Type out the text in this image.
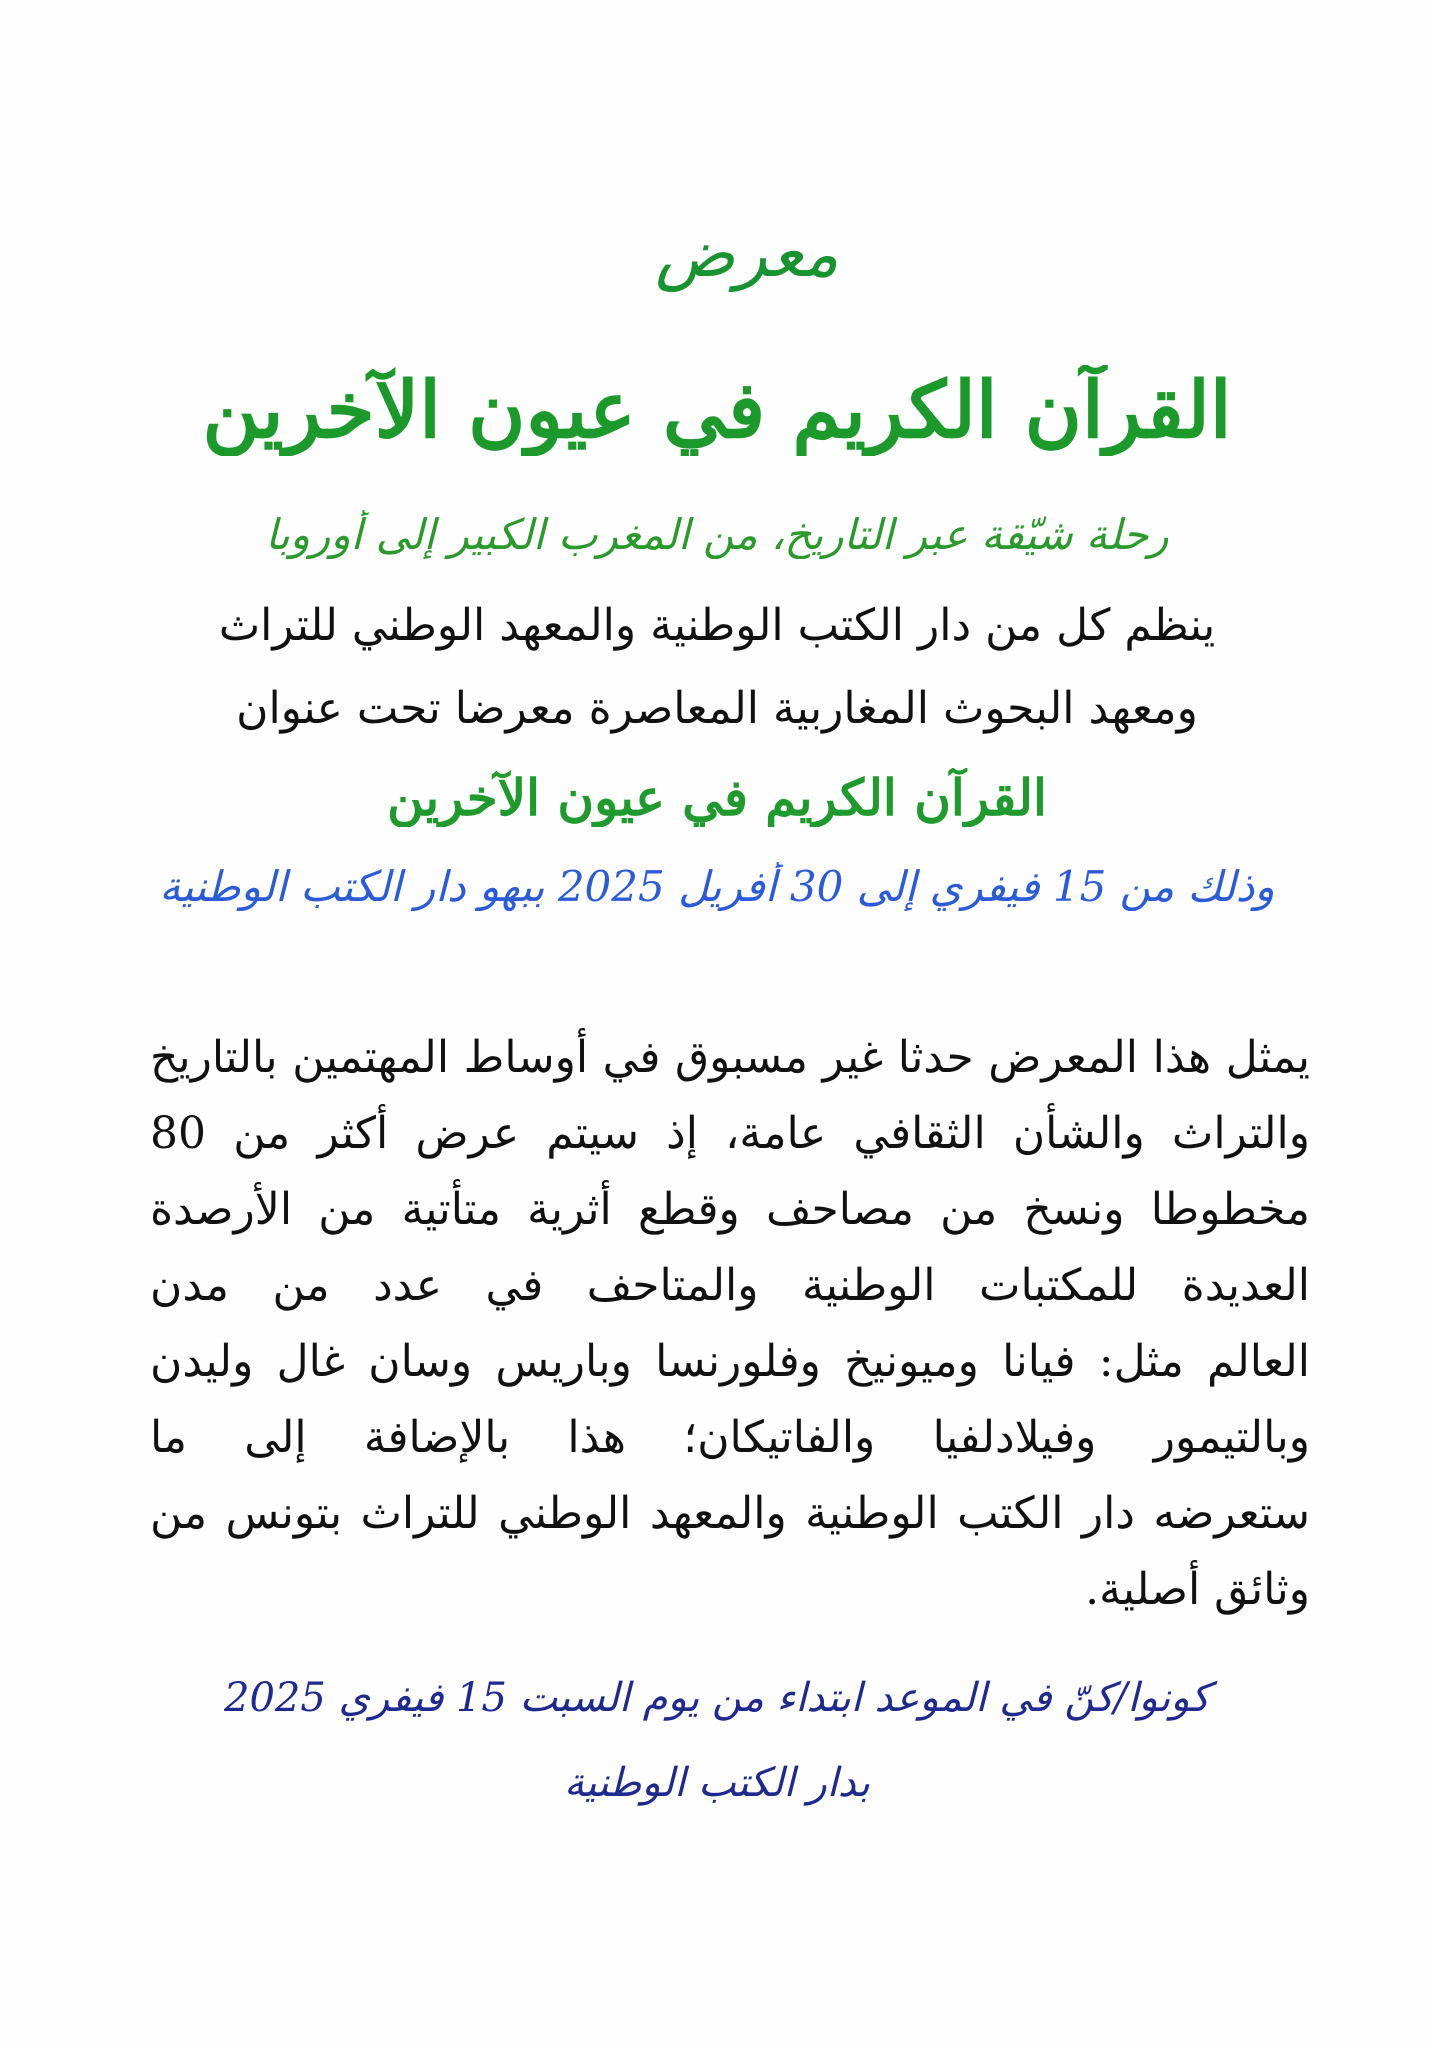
معرض
القرآن الكريم في عيون الآخرين
رحلة شيّقة عبر التاريخ، من المغرب الكبير إلى أوروبا
ينظم كل من دار الكتب الوطنية والمعهد الوطني للتراث
ومعهد البحوث المغاربية المعاصرة معرضا تحت عنوان
القرآن الكريم في عيون الآخرين
وذلك من 15 فيفري إلى 30 أفريل 2025 ببهو دار الكتب الوطنية
يمثل هذا المعرض حدثا غير مسبوق في أوساط المهتمين بالتاريخ
والتراث والشأن الثقافي عامة، إذ سيتم عرض أكثر من 80
مخطوطا ونسخ من مصاحف وقطع أثرية متأتية من الأرصدة
العديدة للمكتبات الوطنية والمتاحف في عدد من مدن
العالم مثل: فيانا وميونيخ وفلورنسا وباريس وسان غال وليدن
وبالتيمور وفيلادلفيا والفاتيكان؛ هذا بالإضافة إلى ما
ستعرضه دار الكتب الوطنية والمعهد الوطني للتراث بتونس من
وثائق أصلية.
كونوا/كنّ في الموعد ابتداء من يوم السبت 15 فيفري 2025
بدار الكتب الوطنية
